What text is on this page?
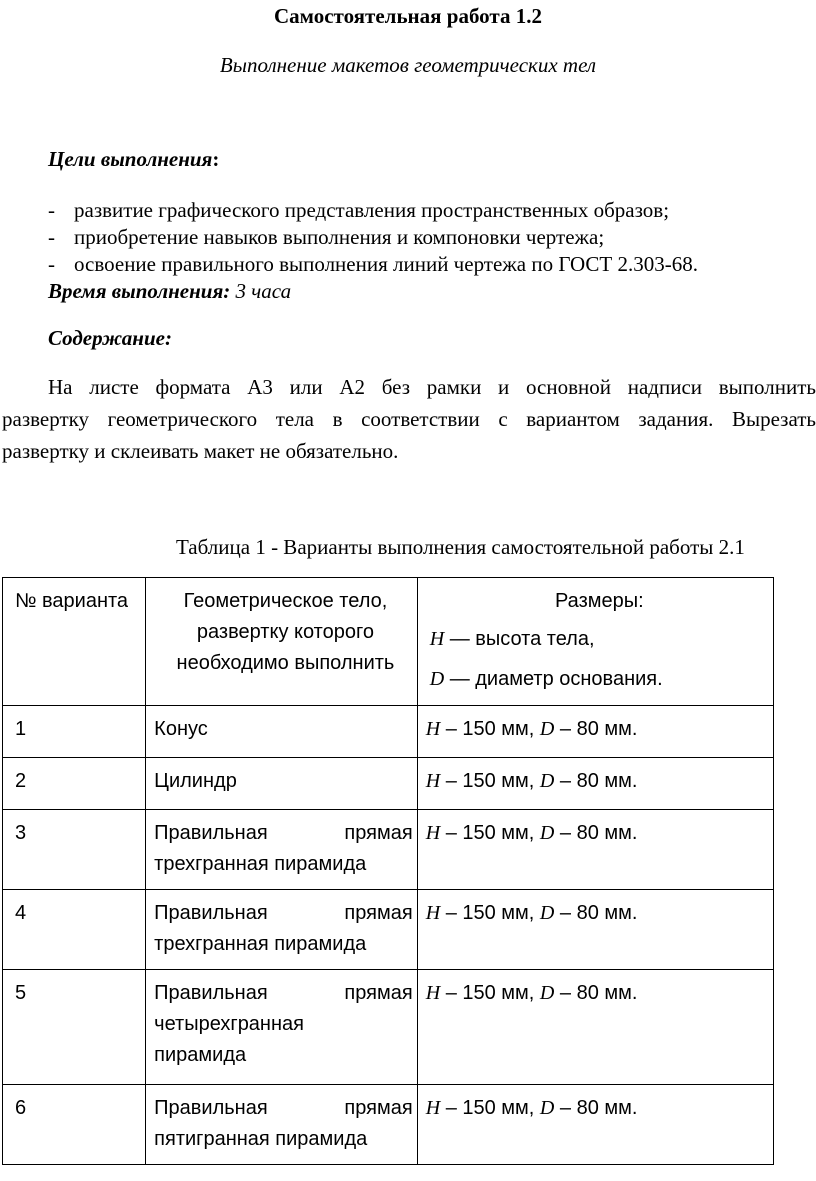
Самостоятельная работа 1.2
Выполнение макетов геометрических тел
Цели выполнения:
- развитие графического представления пространственных образов;
- приобретение навыков выполнения и компоновки чертежа;
- освоение правильного выполнения линий чертежа по ГОСТ 2.303-68.
Время выполнения: 3 часа
Содержание:
На листе формата А3 или А2 без рамки и основной надписи выполнить
развертку геометрического тела в соответствии с вариантом задания. Вырезать
развертку и склеивать макет не обязательно.
Таблица 1 - Варианты выполнения самостоятельной работы 2.1
№ варианта	Геометрическое тело, развертку которого необходимо выполнить	Размеры:
H — высота тела,
D — диаметр основания.

1	Конус	H – 150 мм, D – 80 мм.
2	Цилиндр	H – 150 мм, D – 80 мм.
3	Правильная прямая
трехгранная пирамида	H – 150 мм, D – 80 мм.
4	Правильная прямая
трехгранная пирамида	H – 150 мм, D – 80 мм.
5	Правильная прямая
четырехгранная
пирамида	H – 150 мм, D – 80 мм.
6	Правильная прямая
пятигранная пирамида	H – 150 мм, D – 80 мм.
